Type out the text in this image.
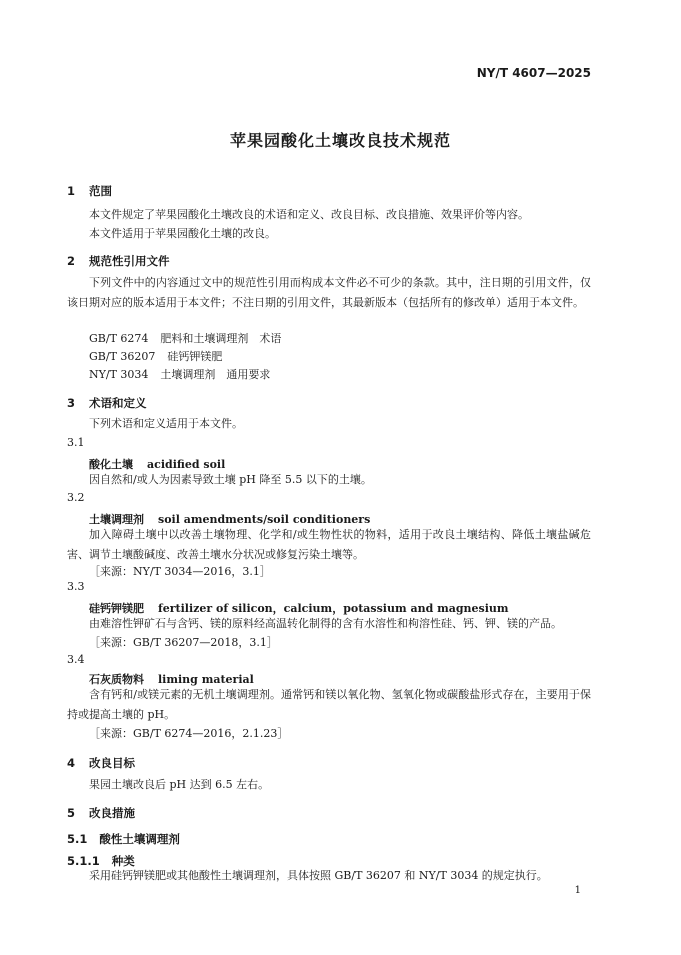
NY/T 4607—2025
苹果园酸化土壤改良技术规范
1 范围
本文件规定了苹果园酸化土壤改良的术语和定义、改良目标、改良措施、效果评价等内容。
本文件适用于苹果园酸化土壤的改良。
2 规范性引用文件
下列文件中的内容通过文中的规范性引用而构成本文件必不可少的条款。其中，注日期的引用文件，仅该日期对应的版本适用于本文件；不注日期的引用文件，其最新版本（包括所有的修改单）适用于本文件。
GB/T 6274 肥料和土壤调理剂　术语
GB/T 36207 硅钙钾镁肥
NY/T 3034 土壤调理剂　通用要求
3 术语和定义
下列术语和定义适用于本文件。
3.1
酸化土壤 acidified soil
因自然和/或人为因素导致土壤 pH 降至 5.5 以下的土壤。
3.2
土壤调理剂 soil amendments/soil conditioners
加入障碍土壤中以改善土壤物理、化学和/或生物性状的物料，适用于改良土壤结构、降低土壤盐碱危害、调节土壤酸碱度、改善土壤水分状况或修复污染土壤等。
［来源：NY/T 3034—2016，3.1］
3.3
硅钙钾镁肥 fertilizer of silicon，calcium，potassium and magnesium
由难溶性钾矿石与含钙、镁的原料经高温转化制得的含有水溶性和枸溶性硅、钙、钾、镁的产品。
［来源：GB/T 36207—2018，3.1］
3.4
石灰质物料 liming material
含有钙和/或镁元素的无机土壤调理剂。通常钙和镁以氧化物、氢氧化物或碳酸盐形式存在，主要用于保持或提高土壤的 pH。
［来源：GB/T 6274—2016，2.1.23］
4 改良目标
果园土壤改良后 pH 达到 6.5 左右。
5 改良措施
5.1 酸性土壤调理剂
5.1.1 种类
采用硅钙钾镁肥或其他酸性土壤调理剂，具体按照 GB/T 36207 和 NY/T 3034 的规定执行。
1
